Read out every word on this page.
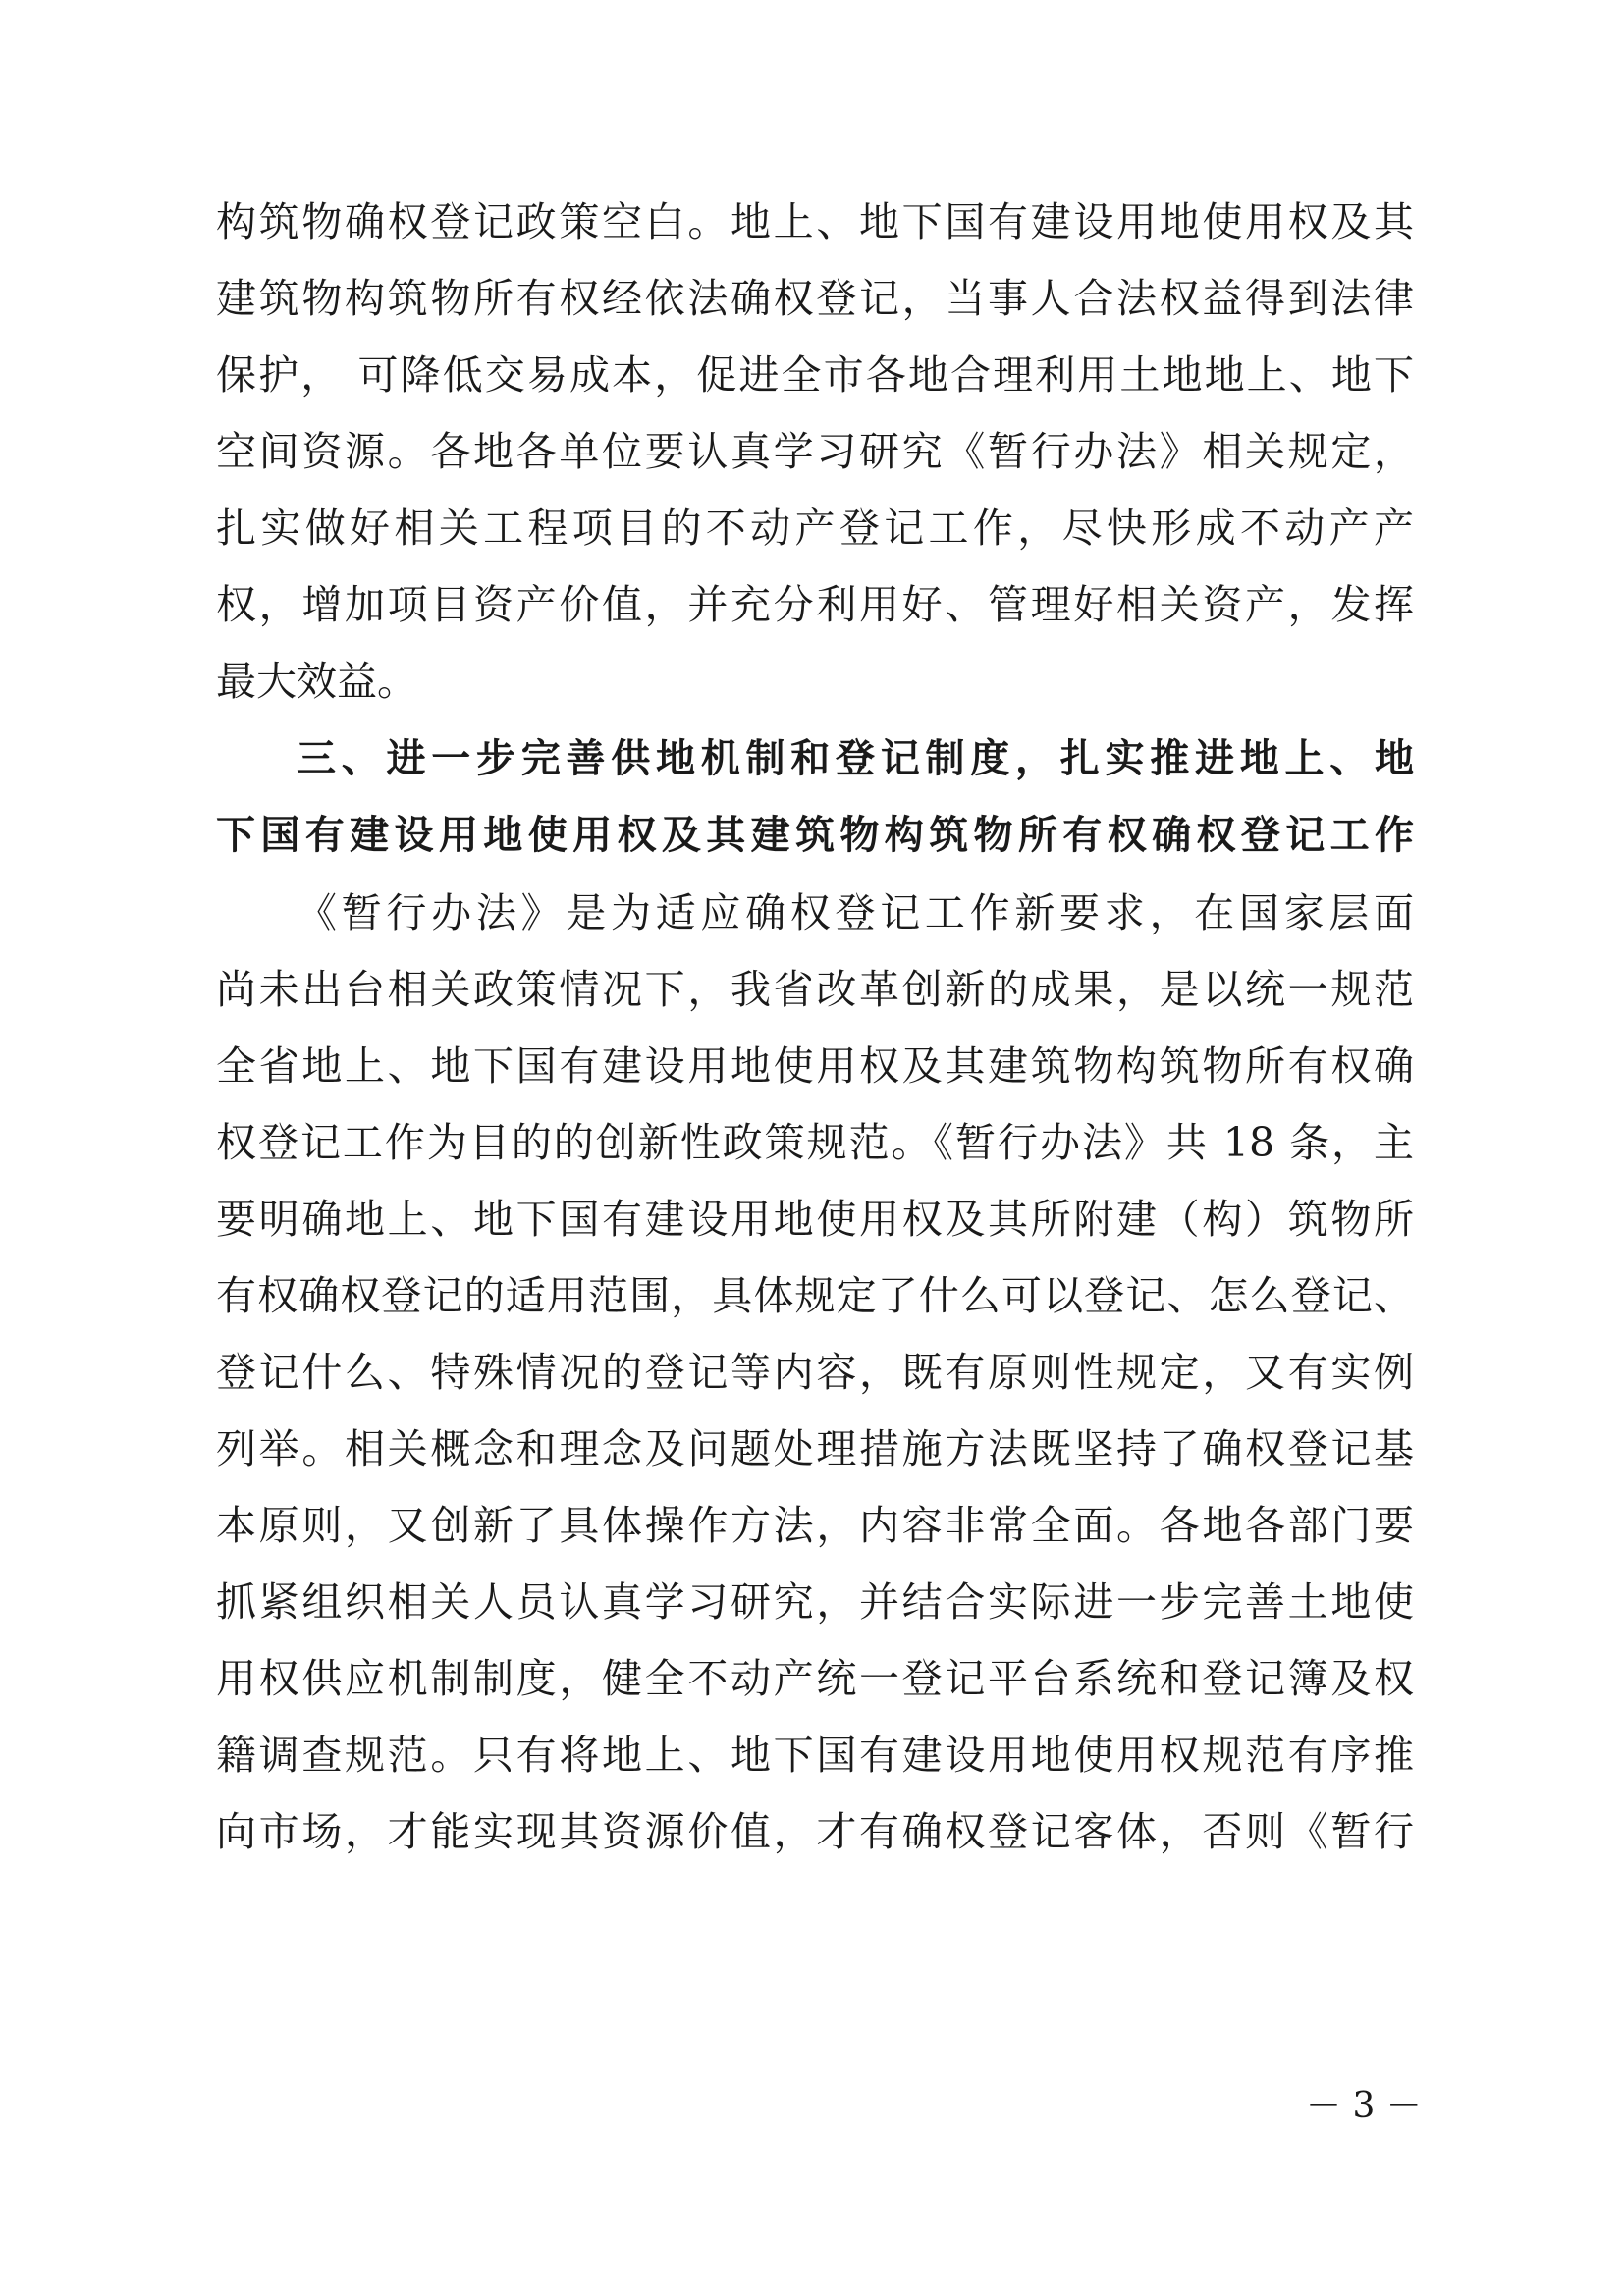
构筑物确权登记政策空白。地上、地下国有建设用地使用权及其
建筑物构筑物所有权经依法确权登记，当事人合法权益得到法律
保护， 可降低交易成本，促进全市各地合理利用土地地上、地下
空间资源。各地各单位要认真学习研究《暂行办法》相关规定，
扎实做好相关工程项目的不动产登记工作，尽快形成不动产产
权，增加项目资产价值，并充分利用好、管理好相关资产，发挥
最大效益。
三、进一步完善供地机制和登记制度，扎实推进地上、地
下国有建设用地使用权及其建筑物构筑物所有权确权登记工作
《暂行办法》是为适应确权登记工作新要求，在国家层面
尚未出台相关政策情况下，我省改革创新的成果，是以统一规范
全省地上、地下国有建设用地使用权及其建筑物构筑物所有权确
权登记工作为目的的创新性政策规范。《暂行办法》共 18 条，主
要明确地上、地下国有建设用地使用权及其所附建（构）筑物所
有权确权登记的适用范围，具体规定了什么可以登记、怎么登记、
登记什么、特殊情况的登记等内容，既有原则性规定，又有实例
列举。相关概念和理念及问题处理措施方法既坚持了确权登记基
本原则，又创新了具体操作方法，内容非常全面。各地各部门要
抓紧组织相关人员认真学习研究，并结合实际进一步完善土地使
用权供应机制制度，健全不动产统一登记平台系统和登记簿及权
籍调查规范。只有将地上、地下国有建设用地使用权规范有序推
向市场，才能实现其资源价值，才有确权登记客体，否则《暂行
－ 3 －
